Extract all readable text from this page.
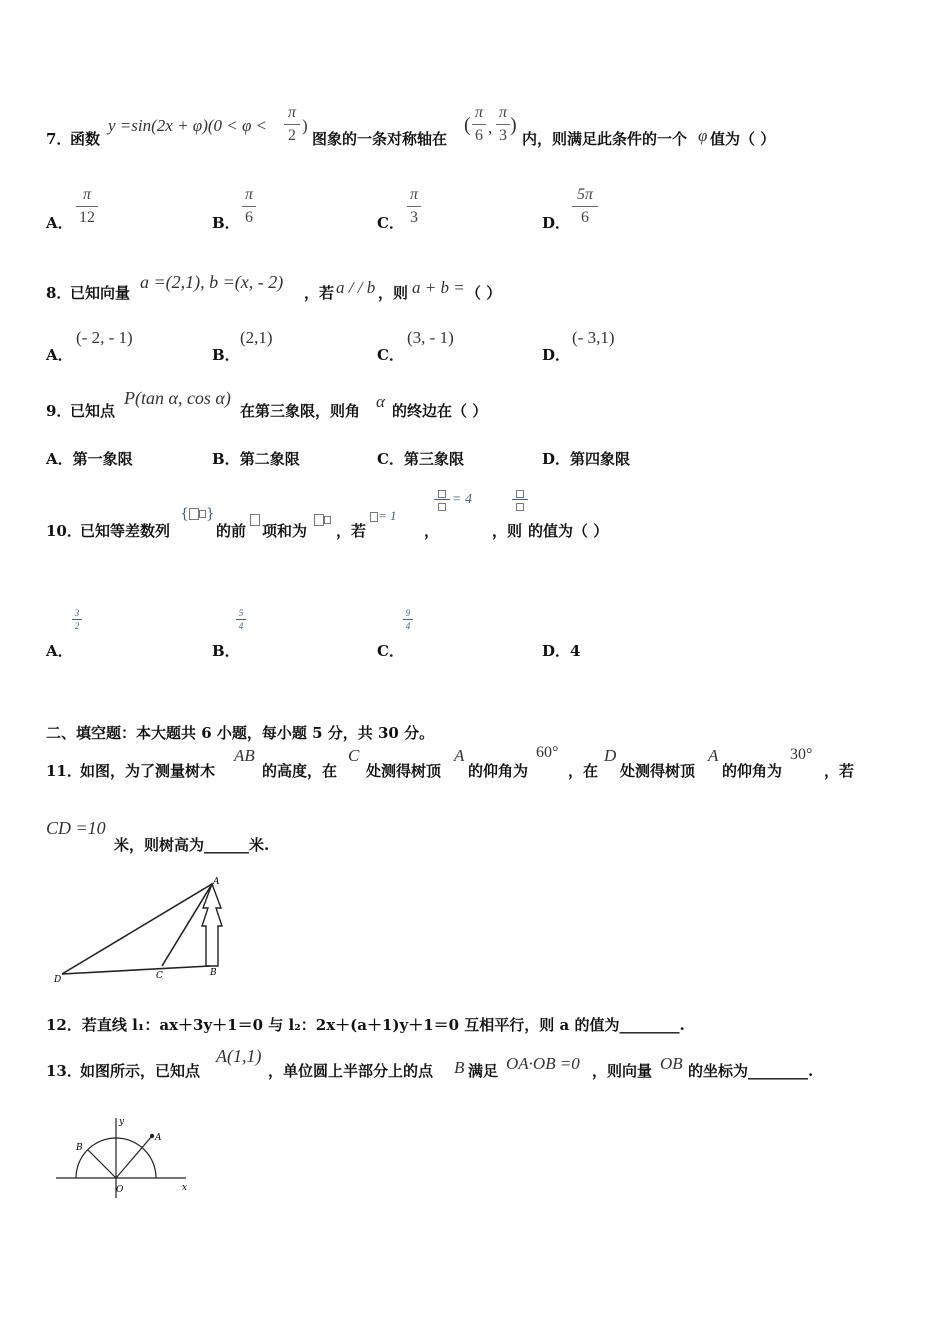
7．
函数
y =sin(2x + φ)(0 < φ <
π
2
)
图象的一条对称轴在
(
π
6 ,
π
3 )
内，则满足此条件的一个 φ 值为（ ）
A．
π
12	B．
π
6	C．
π
3	D．
5π
6
8．
已知向量
a =(2,1), b =(x, - 2)
，若 a / / b ，则 a + b = （ ）
A．
(- 2, - 1)
B．
(2,1)
C．
(3, - 1)
D．
(- 3,1)
9．
已知点
P(tan α, cos α)
在第三象限，则角 α 的终边在（ ）
A．第一象限	B．第二象限	C．第三象限	D．第四象限
10．
已知等差数列
{ }
的前 项和为 ，若
= 1
，
= 4
，则 的值为（ ）
A．
3
2
B．
5
4
C．
9
4
D．4
二、填空题：本大题共 6 小题，每小题 5 分，共 30 分。
11．
如图，为了测量树木
AB
的高度，在
C
处测得树顶
A
的仰角为
60°
，在
D
处测得树顶
A
的仰角为
30°
，若
CD =10
米，则树高为______米.
A
B
C
D
12．若直线 l₁：ax＋3y＋1＝0 与 l₂：2x＋(a＋1)y＋1＝0 互相平行，则 a 的值为________.
13．
如图所示，已知点
A(1,1)
，单位圆上半部分上的点 B 满足 OA·OB =0 ，则向量 OB 的坐标为________.
y
x
O
A
B
